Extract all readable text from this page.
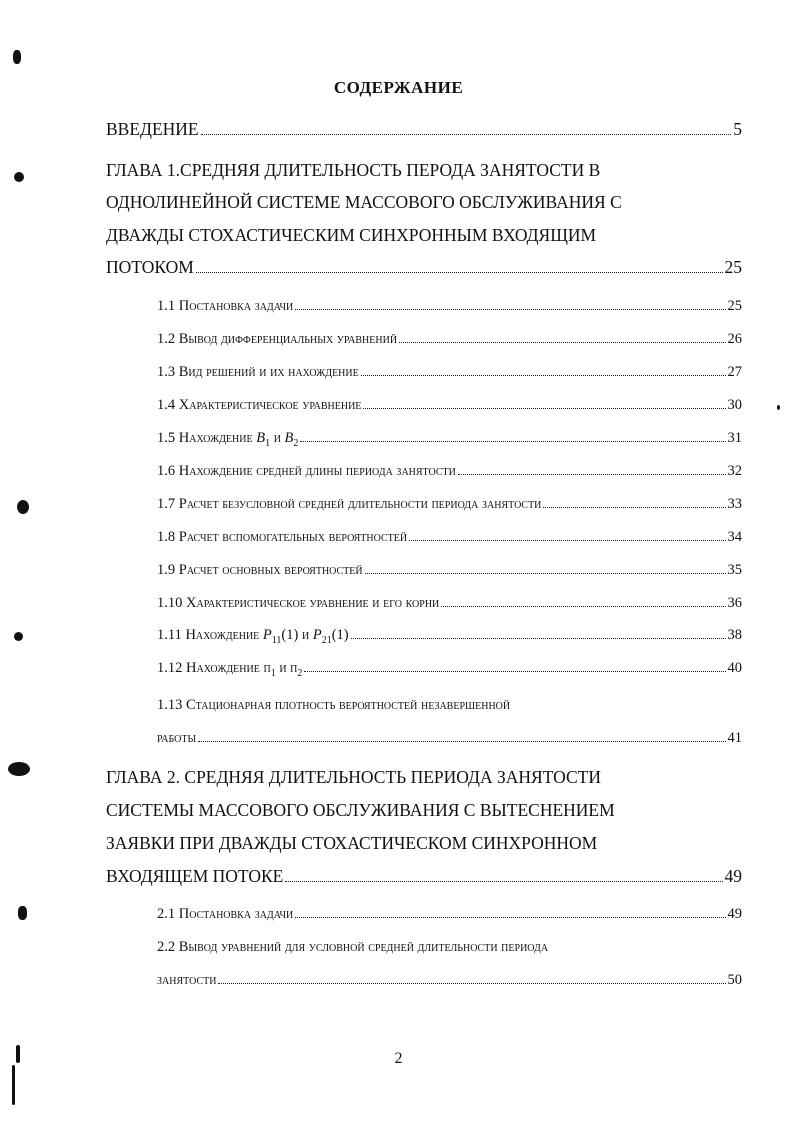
СОДЕРЖАНИЕ
ВВЕДЕНИЕ	5
ГЛАВА 1.СРЕДНЯЯ ДЛИТЕЛЬНОСТЬ ПЕРОДА ЗАНЯТОСТИ В
ОДНОЛИНЕЙНОЙ СИСТЕМЕ МАССОВОГО ОБСЛУЖИВАНИЯ С
ДВАЖДЫ СТОХАСТИЧЕСКИМ СИНХРОННЫМ ВХОДЯЩИМ
ПОТОКОМ	25
1.1 Постановка задачи	25
1.2 Вывод дифференциальных уравнений	26
1.3 Вид решений и их нахождение	27
1.4 Характеристическое уравнение	30
1.5 Нахождение $B_1$ и $B_2$	31
1.6 Нахождение средней длины периода занятости	32
1.7 Расчет безусловной средней длительности периода занятости	33
1.8 Расчет вспомогательных вероятностей	34
1.9 Расчет основных вероятностей	35
1.10 Характеристическое уравнение и его корни	36
1.11 Нахождение $P_{11}(1)$ и $P_{21}(1)$	38
1.12 Нахождение $\pi_1$ и $\pi_2$	40
1.13 Стационарная плотность вероятностей незавершенной
работы	41
ГЛАВА 2. СРЕДНЯЯ ДЛИТЕЛЬНОСТЬ ПЕРИОДА ЗАНЯТОСТИ
СИСТЕМЫ МАССОВОГО ОБСЛУЖИВАНИЯ С ВЫТЕСНЕНИЕМ
ЗАЯВКИ ПРИ ДВАЖДЫ СТОХАСТИЧЕСКОМ СИНХРОННОМ
ВХОДЯЩЕМ ПОТОКЕ	49
2.1 Постановка задачи	49
2.2 Вывод уравнений для условной средней длительности периода
занятости	50
2
